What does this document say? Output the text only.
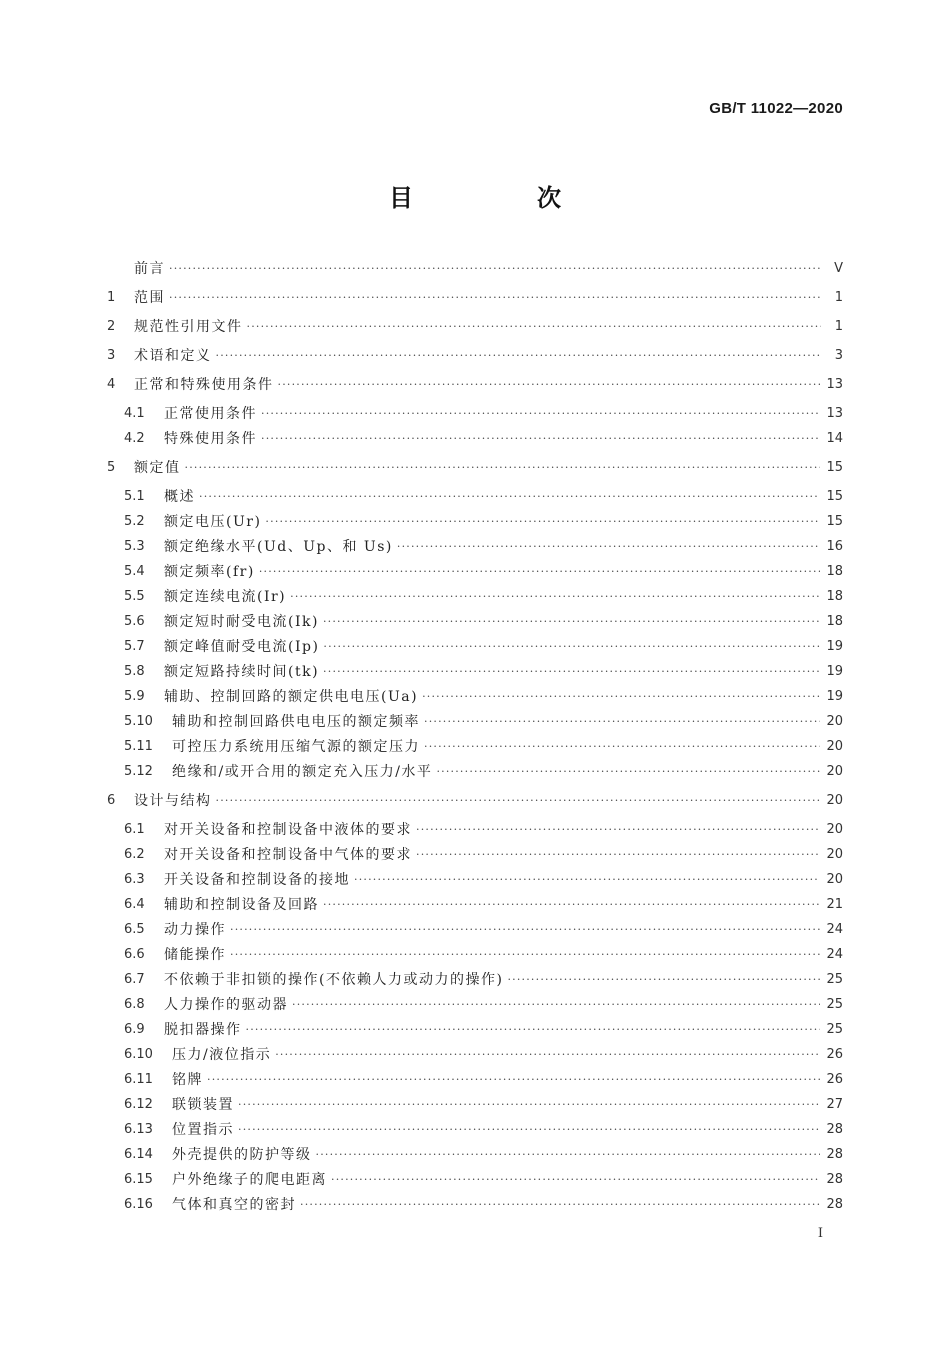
GB/T 11022—2020
目　次
前言 ·····	Ⅴ
1	范围 ·····	1
2	规范性引用文件 ·····	1
3	术语和定义 ·····	3
4	正常和特殊使用条件 ·····	13
4.1	正常使用条件 ·····	13
4.2	特殊使用条件 ·····	14
5	额定值 ·····	15
5.1	概述 ·····	15
5.2	额定电压(Ur) ·····	15
5.3	额定绝缘水平(Ud、Up、和 Us) ·····	16
5.4	额定频率(fr) ·····	18
5.5	额定连续电流(Ir) ·····	18
5.6	额定短时耐受电流(Ik) ·····	18
5.7	额定峰值耐受电流(Ip) ·····	19
5.8	额定短路持续时间(tk) ·····	19
5.9	辅助、控制回路的额定供电电压(Ua) ·····	19
5.10	辅助和控制回路供电电压的额定频率 ·····	20
5.11	可控压力系统用压缩气源的额定压力 ·····	20
5.12	绝缘和/或开合用的额定充入压力/水平 ·····	20
6	设计与结构 ·····	20
6.1	对开关设备和控制设备中液体的要求 ·····	20
6.2	对开关设备和控制设备中气体的要求 ·····	20
6.3	开关设备和控制设备的接地 ·····	20
6.4	辅助和控制设备及回路 ·····	21
6.5	动力操作 ·····	24
6.6	储能操作 ·····	24
6.7	不依赖于非扣锁的操作(不依赖人力或动力的操作) ·····	25
6.8	人力操作的驱动器 ·····	25
6.9	脱扣器操作 ·····	25
6.10	压力/液位指示 ·····	26
6.11	铭牌 ·····	26
6.12	联锁装置 ·····	27
6.13	位置指示 ·····	28
6.14	外壳提供的防护等级 ·····	28
6.15	户外绝缘子的爬电距离 ·····	28
6.16	气体和真空的密封 ·····	28
Ⅰ
